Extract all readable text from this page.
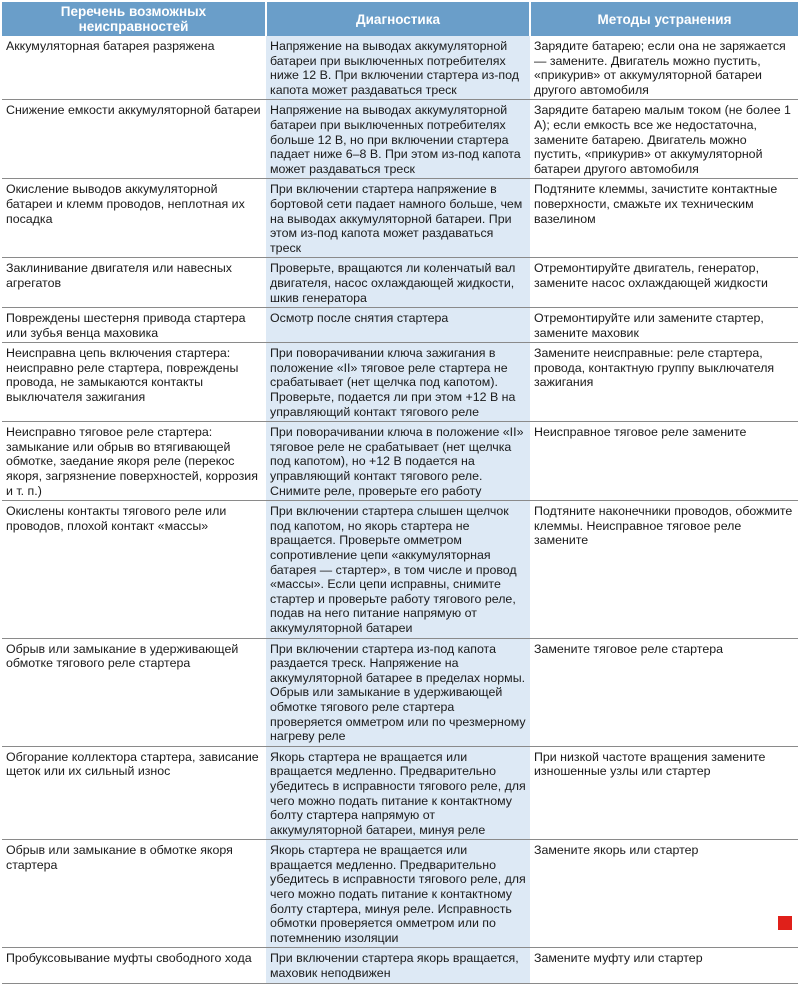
Перечень возможных неисправностей	Диагностика	Методы устранения
Аккумуляторная батарея разряжена	Напряжение на выводах аккумуляторной батареи при выключенных потребителях ниже 12 В. При включении стартера из-под капота может раздаваться треск	Зарядите батарею; если она не заряжается — замените. Двигатель можно пустить, «прикурив» от аккумуляторной батареи другого автомобиля
Снижение емкости аккумуляторной батареи	Напряжение на выводах аккумуляторной батареи при выключенных потребителях больше 12 В, но при включении стартера падает ниже 6–8 В. При этом из-под капота может раздаваться треск	Зарядите батарею малым током (не более 1 А); если емкость все же недостаточна, замените батарею. Двигатель можно пустить, «прикурив» от аккумуляторной батареи другого автомобиля
Окисление выводов аккумуляторной батареи и клемм проводов, неплотная их посадка	При включении стартера напряжение в бортовой сети падает намного больше, чем на выводах аккумуляторной батареи. При этом из-под капота может раздаваться треск	Подтяните клеммы, зачистите контактные поверхности, смажьте их техническим вазелином
Заклинивание двигателя или навесных агрегатов	Проверьте, вращаются ли коленчатый вал двигателя, насос охлаждающей жидкости, шкив генератора	Отремонтируйте двигатель, генератор, замените насос охлаждающей жидкости
Повреждены шестерня привода стартера или зубья венца маховика	Осмотр после снятия стартера	Отремонтируйте или замените стартер, замените маховик
Неисправна цепь включения стартера: неисправно реле стартера, повреждены провода, не замыкаются контакты выключателя зажигания	При поворачивании ключа зажигания в положение «II» тяговое реле стартера не срабатывает (нет щелчка под капотом). Проверьте, подается ли при этом +12 В на управляющий контакт тягового реле	Замените неисправные: реле стартера, провода, контактную группу выключателя зажигания
Неисправно тяговое реле стартера: замыкание или обрыв во втягивающей обмотке, заедание якоря реле (перекос якоря, загрязнение поверхностей, коррозия и т. п.)	При поворачивании ключа в положение «II» тяговое реле не срабатывает (нет щелчка под капотом), но +12 В подается на управляющий контакт тягового реле. Снимите реле, проверьте его работу	Неисправное тяговое реле замените
Окислены контакты тягового реле или проводов, плохой контакт «массы»	При включении стартера слышен щелчок под капотом, но якорь стартера не вращается. Проверьте омметром сопротивление цепи «аккумуляторная батарея — стартер», в том числе и провод «массы». Если цепи исправны, снимите стартер и проверьте работу тягового реле, подав на него питание напрямую от аккумуляторной батареи	Подтяните наконечники проводов, обожмите клеммы. Неисправное тяговое реле замените
Обрыв или замыкание в удерживающей обмотке тягового реле стартера	При включении стартера из-под капота раздается треск. Напряжение на аккумуляторной батарее в пределах нормы. Обрыв или замыкание в удерживающей обмотке тягового реле стартера проверяется омметром или по чрезмерному нагреву реле	Замените тяговое реле стартера
Обгорание коллектора стартера, зависание щеток или их сильный износ	Якорь стартера не вращается или вращается медленно. Предварительно убедитесь в исправности тягового реле, для чего можно подать питание к контактному болту стартера напрямую от аккумуляторной батареи, минуя реле	При низкой частоте вращения замените изношенные узлы или стартер
Обрыв или замыкание в обмотке якоря стартера	Якорь стартера не вращается или вращается медленно. Предварительно убедитесь в исправности тягового реле, для чего можно подать питание к контактному болту стартера, минуя реле. Исправность обмотки проверяется омметром или по потемнению изоляции	Замените якорь или стартер
Пробуксовывание муфты свободного хода	При включении стартера якорь вращается, маховик неподвижен	Замените муфту или стартер
